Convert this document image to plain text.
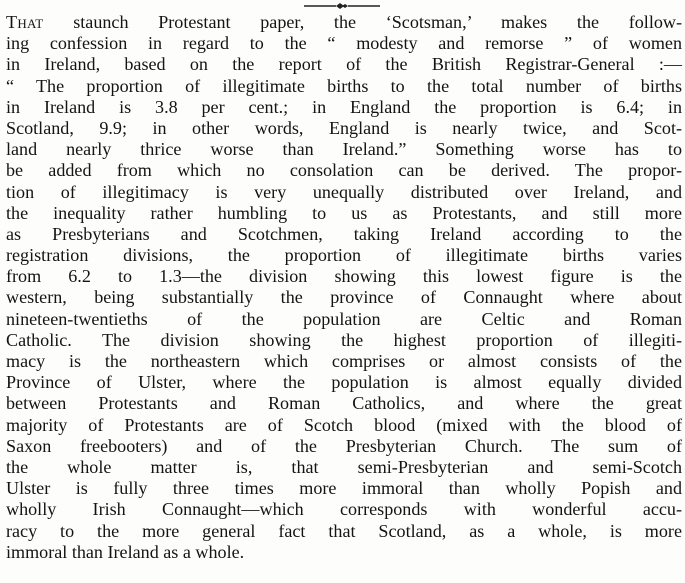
That staunch Protestant paper, the ‘Scotsman,’ makes the follow-
ing confession in regard to the “ modesty and remorse ” of women
in Ireland, based on the report of the British Registrar-General :—
“ The proportion of illegitimate births to the total number of births
in Ireland is 3.8 per cent.; in England the proportion is 6.4; in
Scotland, 9.9; in other words, England is nearly twice, and Scot-
land nearly thrice worse than Ireland.” Something worse has to
be added from which no consolation can be derived. The propor-
tion of illegitimacy is very unequally distributed over Ireland, and
the inequality rather humbling to us as Protestants, and still more
as Presbyterians and Scotchmen, taking Ireland according to the
registration divisions, the proportion of illegitimate births varies
from 6.2 to 1.3—the division showing this lowest figure is the
western, being substantially the province of Connaught where about
nineteen-twentieths of the population are Celtic and Roman
Catholic. The division showing the highest proportion of illegiti-
macy is the northeastern which comprises or almost consists of the
Province of Ulster, where the population is almost equally divided
between Protestants and Roman Catholics, and where the great
majority of Protestants are of Scotch blood (mixed with the blood of
Saxon freebooters) and of the Presbyterian Church. The sum of
the whole matter is, that semi-Presbyterian and semi-Scotch
Ulster is fully three times more immoral than wholly Popish and
wholly Irish Connaught—which corresponds with wonderful accu-
racy to the more general fact that Scotland, as a whole, is more
immoral than Ireland as a whole.
